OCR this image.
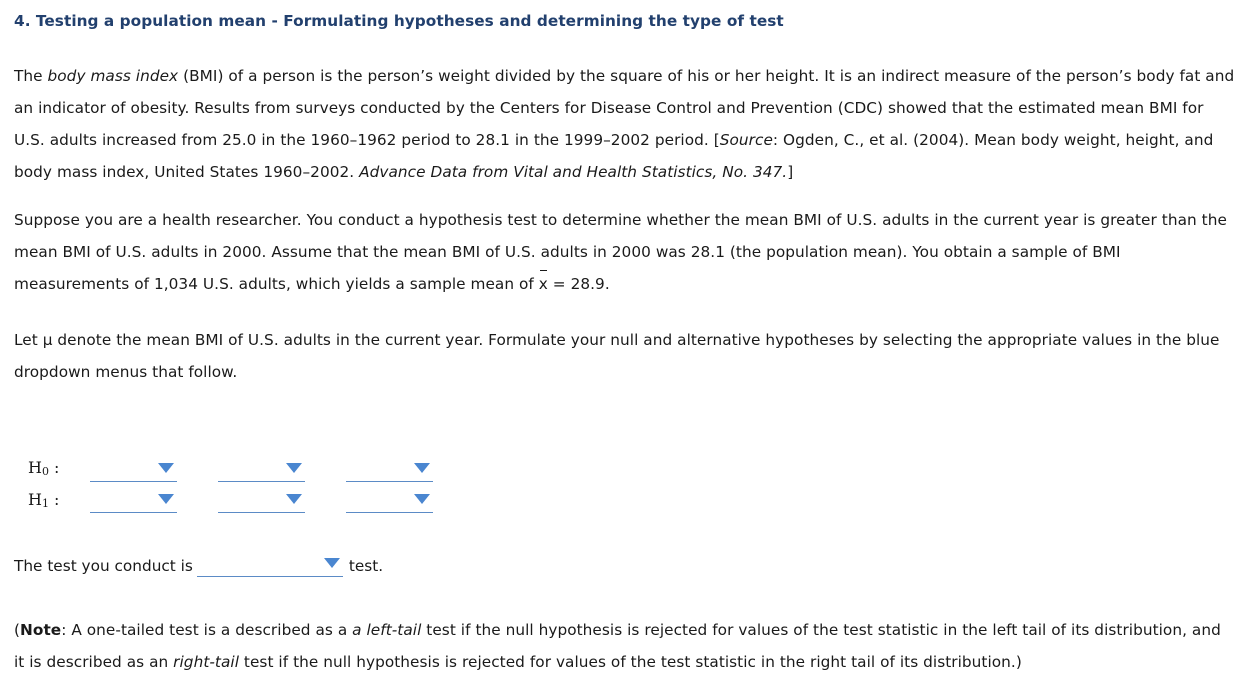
4. Testing a population mean - Formulating hypotheses and determining the type of test

The body mass index (BMI) of a person is the person’s weight divided by the square of his or her height. It is an indirect measure of the person’s body fat and an indicator of obesity. Results from surveys conducted by the Centers for Disease Control and Prevention (CDC) showed that the estimated mean BMI for U.S. adults increased from 25.0 in the 1960–1962 period to 28.1 in the 1999–2002 period. [Source: Ogden, C., et al. (2004). Mean body weight, height, and body mass index, United States 1960–2002. Advance Data from Vital and Health Statistics, No. 347.]

Suppose you are a health researcher. You conduct a hypothesis test to determine whether the mean BMI of U.S. adults in the current year is greater than the mean BMI of U.S. adults in 2000. Assume that the mean BMI of U.S. adults in 2000 was 28.1 (the population mean). You obtain a sample of BMI measurements of 1,034 U.S. adults, which yields a sample mean of x = 28.9.

Let μ denote the mean BMI of U.S. adults in the current year. Formulate your null and alternative hypotheses by selecting the appropriate values in the blue dropdown menus that follow.

$H_0$ :
$H_1$ :

The test you conduct is	test.

(Note: A one-tailed test is a described as a a left-tail test if the null hypothesis is rejected for values of the test statistic in the left tail of its distribution, and it is described as an right-tail test if the null hypothesis is rejected for values of the test statistic in the right tail of its distribution.)
